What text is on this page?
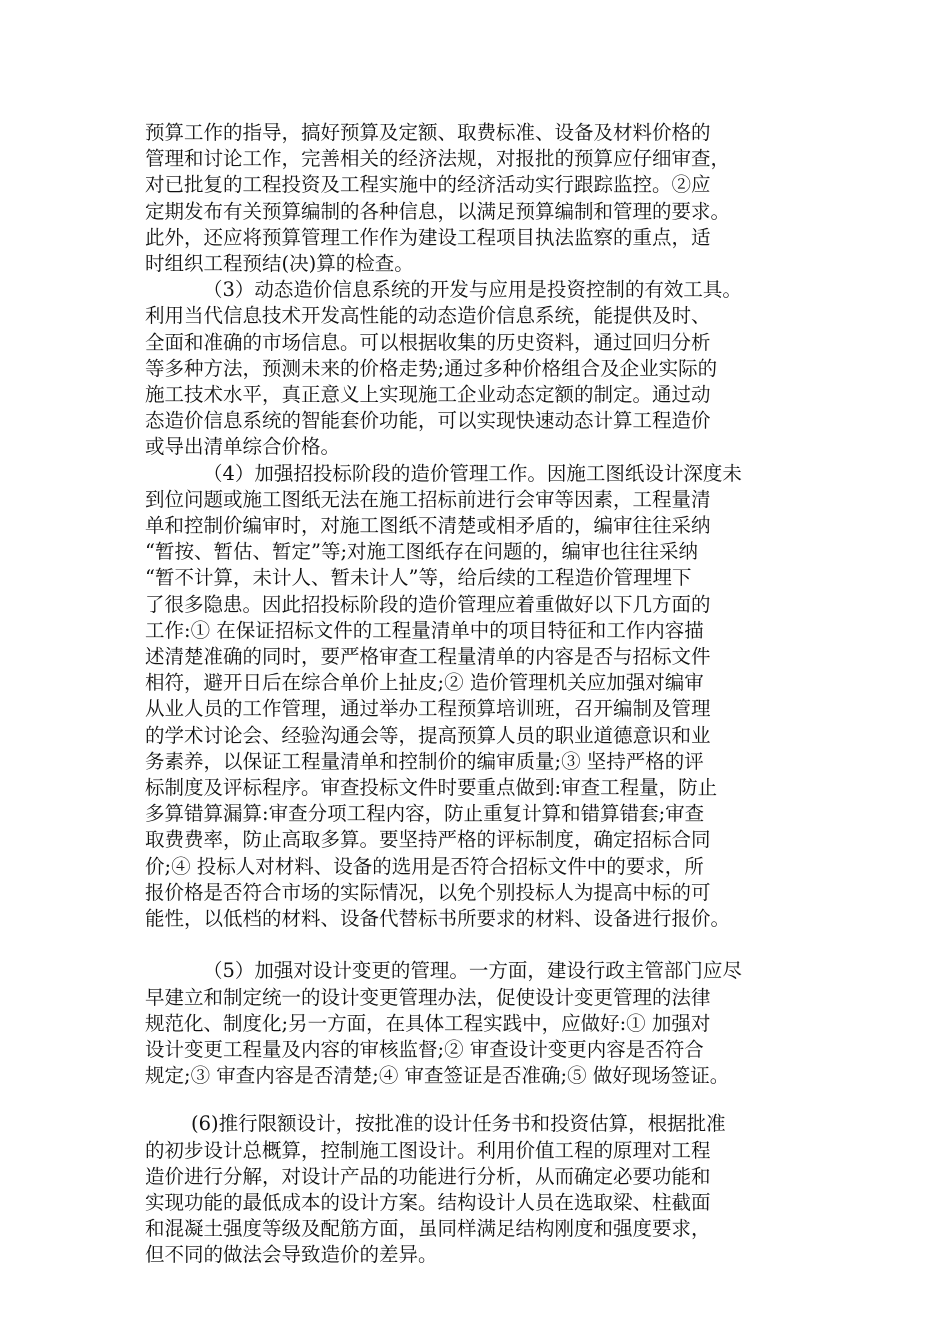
预算工作的指导，搞好预算及定额、取费标准、设备及材料价格的
管理和讨论工作，完善相关的经济法规，对报批的预算应仔细审查，
对已批复的工程投资及工程实施中的经济活动实行跟踪监控。②应
定期发布有关预算编制的各种信息，以满足预算编制和管理的要求。
此外，还应将预算管理工作作为建设工程项目执法监察的重点，适
时组织工程预结(决)算的检查。

（3）动态造价信息系统的开发与应用是投资控制的有效工具。
利用当代信息技术开发高性能的动态造价信息系统，能提供及时、
全面和准确的市场信息。可以根据收集的历史资料，通过回归分析
等多种方法，预测未来的价格走势;通过多种价格组合及企业实际的
施工技术水平，真正意义上实现施工企业动态定额的制定。通过动
态造价信息系统的智能套价功能，可以实现快速动态计算工程造价
或导出清单综合价格。

（4）加强招投标阶段的造价管理工作。因施工图纸设计深度未
到位问题或施工图纸无法在施工招标前进行会审等因素，工程量清
单和控制价编审时，对施工图纸不清楚或相矛盾的，编审往往采纳
“暂按、暂估、暂定”等;对施工图纸存在问题的，编审也往往采纳
“暂不计算，未计人、暂未计人”等，给后续的工程造价管理埋下
了很多隐患。因此招投标阶段的造价管理应着重做好以下几方面的
工作:① 在保证招标文件的工程量清单中的项目特征和工作内容描
述清楚准确的同时，要严格审查工程量清单的内容是否与招标文件
相符，避开日后在综合单价上扯皮;② 造价管理机关应加强对编审
从业人员的工作管理，通过举办工程预算培训班，召开编制及管理
的学术讨论会、经验沟通会等，提高预算人员的职业道德意识和业
务素养，以保证工程量清单和控制价的编审质量;③ 坚持严格的评
标制度及评标程序。审查投标文件时要重点做到:审查工程量，防止
多算错算漏算:审查分项工程内容，防止重复计算和错算错套;审查
取费费率，防止高取多算。要坚持严格的评标制度，确定招标合同
价;④ 投标人对材料、设备的选用是否符合招标文件中的要求，所
报价格是否符合市场的实际情况，以免个别投标人为提高中标的可
能性，以低档的材料、设备代替标书所要求的材料、设备进行报价。

（5）加强对设计变更的管理。一方面，建设行政主管部门应尽
早建立和制定统一的设计变更管理办法，促使设计变更管理的法律
规范化、制度化;另一方面，在具体工程实践中，应做好:① 加强对
设计变更工程量及内容的审核监督;② 审查设计变更内容是否符合
规定;③ 审查内容是否清楚;④ 审查签证是否准确;⑤ 做好现场签证。

(6)推行限额设计，按批准的设计任务书和投资估算，根据批准
的初步设计总概算，控制施工图设计。利用价值工程的原理对工程
造价进行分解，对设计产品的功能进行分析，从而确定必要功能和
实现功能的最低成本的设计方案。结构设计人员在选取梁、柱截面
和混凝土强度等级及配筋方面，虽同样满足结构刚度和强度要求，
但不同的做法会导致造价的差异。
